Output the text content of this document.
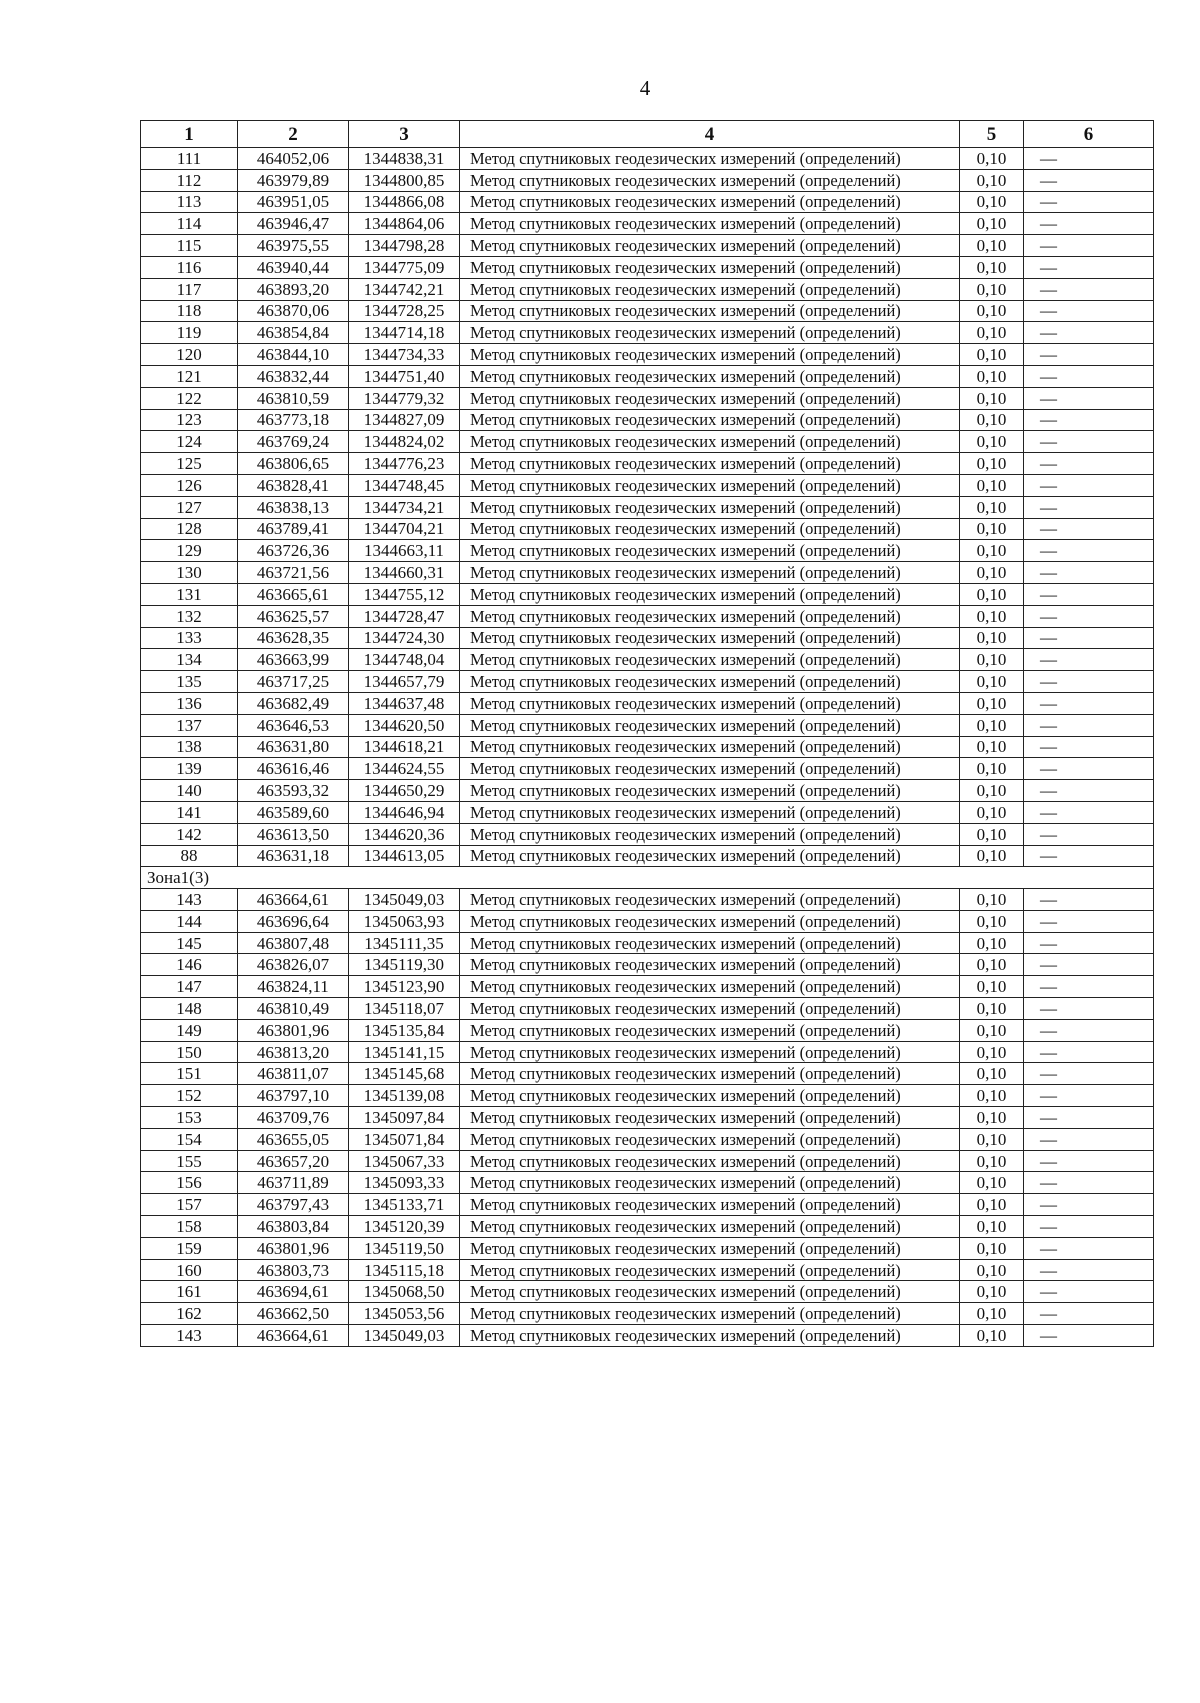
4
1	2	3	4	5	6
111	464052,06	1344838,31	Метод спутниковых геодезических измерений (определений)	0,10	—
112	463979,89	1344800,85	Метод спутниковых геодезических измерений (определений)	0,10	—
113	463951,05	1344866,08	Метод спутниковых геодезических измерений (определений)	0,10	—
114	463946,47	1344864,06	Метод спутниковых геодезических измерений (определений)	0,10	—
115	463975,55	1344798,28	Метод спутниковых геодезических измерений (определений)	0,10	—
116	463940,44	1344775,09	Метод спутниковых геодезических измерений (определений)	0,10	—
117	463893,20	1344742,21	Метод спутниковых геодезических измерений (определений)	0,10	—
118	463870,06	1344728,25	Метод спутниковых геодезических измерений (определений)	0,10	—
119	463854,84	1344714,18	Метод спутниковых геодезических измерений (определений)	0,10	—
120	463844,10	1344734,33	Метод спутниковых геодезических измерений (определений)	0,10	—
121	463832,44	1344751,40	Метод спутниковых геодезических измерений (определений)	0,10	—
122	463810,59	1344779,32	Метод спутниковых геодезических измерений (определений)	0,10	—
123	463773,18	1344827,09	Метод спутниковых геодезических измерений (определений)	0,10	—
124	463769,24	1344824,02	Метод спутниковых геодезических измерений (определений)	0,10	—
125	463806,65	1344776,23	Метод спутниковых геодезических измерений (определений)	0,10	—
126	463828,41	1344748,45	Метод спутниковых геодезических измерений (определений)	0,10	—
127	463838,13	1344734,21	Метод спутниковых геодезических измерений (определений)	0,10	—
128	463789,41	1344704,21	Метод спутниковых геодезических измерений (определений)	0,10	—
129	463726,36	1344663,11	Метод спутниковых геодезических измерений (определений)	0,10	—
130	463721,56	1344660,31	Метод спутниковых геодезических измерений (определений)	0,10	—
131	463665,61	1344755,12	Метод спутниковых геодезических измерений (определений)	0,10	—
132	463625,57	1344728,47	Метод спутниковых геодезических измерений (определений)	0,10	—
133	463628,35	1344724,30	Метод спутниковых геодезических измерений (определений)	0,10	—
134	463663,99	1344748,04	Метод спутниковых геодезических измерений (определений)	0,10	—
135	463717,25	1344657,79	Метод спутниковых геодезических измерений (определений)	0,10	—
136	463682,49	1344637,48	Метод спутниковых геодезических измерений (определений)	0,10	—
137	463646,53	1344620,50	Метод спутниковых геодезических измерений (определений)	0,10	—
138	463631,80	1344618,21	Метод спутниковых геодезических измерений (определений)	0,10	—
139	463616,46	1344624,55	Метод спутниковых геодезических измерений (определений)	0,10	—
140	463593,32	1344650,29	Метод спутниковых геодезических измерений (определений)	0,10	—
141	463589,60	1344646,94	Метод спутниковых геодезических измерений (определений)	0,10	—
142	463613,50	1344620,36	Метод спутниковых геодезических измерений (определений)	0,10	—
88	463631,18	1344613,05	Метод спутниковых геодезических измерений (определений)	0,10	—
Зона1(3)					
143	463664,61	1345049,03	Метод спутниковых геодезических измерений (определений)	0,10	—
144	463696,64	1345063,93	Метод спутниковых геодезических измерений (определений)	0,10	—
145	463807,48	1345111,35	Метод спутниковых геодезических измерений (определений)	0,10	—
146	463826,07	1345119,30	Метод спутниковых геодезических измерений (определений)	0,10	—
147	463824,11	1345123,90	Метод спутниковых геодезических измерений (определений)	0,10	—
148	463810,49	1345118,07	Метод спутниковых геодезических измерений (определений)	0,10	—
149	463801,96	1345135,84	Метод спутниковых геодезических измерений (определений)	0,10	—
150	463813,20	1345141,15	Метод спутниковых геодезических измерений (определений)	0,10	—
151	463811,07	1345145,68	Метод спутниковых геодезических измерений (определений)	0,10	—
152	463797,10	1345139,08	Метод спутниковых геодезических измерений (определений)	0,10	—
153	463709,76	1345097,84	Метод спутниковых геодезических измерений (определений)	0,10	—
154	463655,05	1345071,84	Метод спутниковых геодезических измерений (определений)	0,10	—
155	463657,20	1345067,33	Метод спутниковых геодезических измерений (определений)	0,10	—
156	463711,89	1345093,33	Метод спутниковых геодезических измерений (определений)	0,10	—
157	463797,43	1345133,71	Метод спутниковых геодезических измерений (определений)	0,10	—
158	463803,84	1345120,39	Метод спутниковых геодезических измерений (определений)	0,10	—
159	463801,96	1345119,50	Метод спутниковых геодезических измерений (определений)	0,10	—
160	463803,73	1345115,18	Метод спутниковых геодезических измерений (определений)	0,10	—
161	463694,61	1345068,50	Метод спутниковых геодезических измерений (определений)	0,10	—
162	463662,50	1345053,56	Метод спутниковых геодезических измерений (определений)	0,10	—
143	463664,61	1345049,03	Метод спутниковых геодезических измерений (определений)	0,10	—
